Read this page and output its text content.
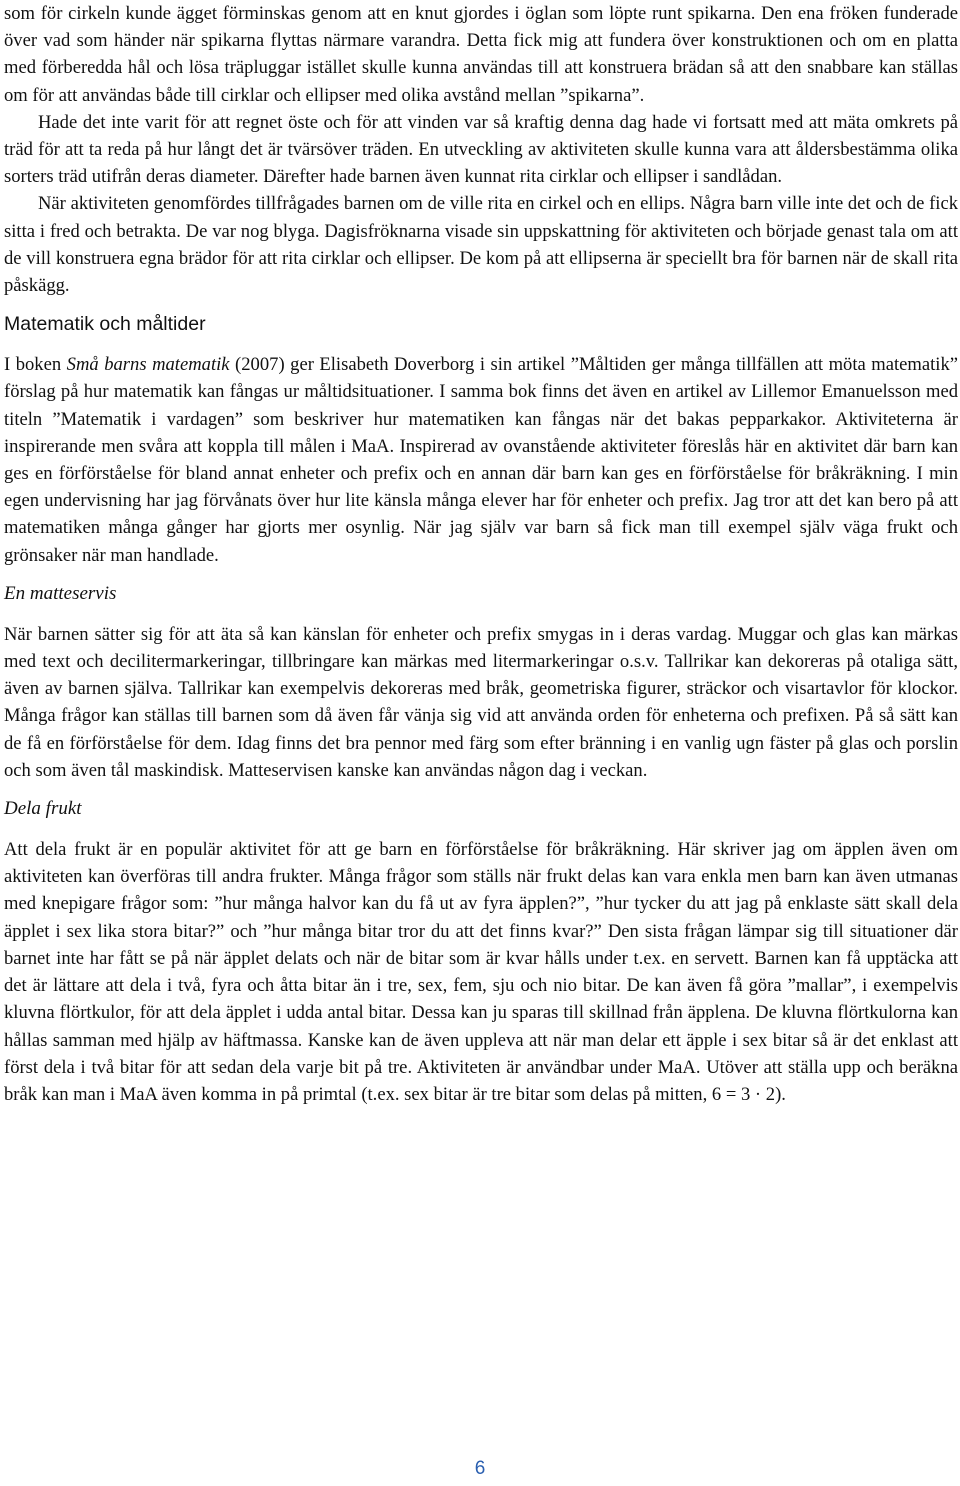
som för cirkeln kunde ägget förminskas genom att en knut gjordes i öglan som löpte runt spikarna. Den ena fröken funderade över vad som händer när spikarna flyttas närmare varandra. Detta fick mig att fundera över konstruktionen och om en platta med förberedda hål och lösa träpluggar istället skulle kunna användas till att konstruera brädan så att den snabbare kan ställas om för att användas både till cirklar och ellipser med olika avstånd mellan ”spikarna”.

Hade det inte varit för att regnet öste och för att vinden var så kraftig denna dag hade vi fortsatt med att mäta omkrets på träd för att ta reda på hur långt det är tvärsöver träden. En utveckling av aktiviteten skulle kunna vara att åldersbestämma olika sorters träd utifrån deras diameter. Därefter hade barnen även kunnat rita cirklar och ellipser i sandlådan.

När aktiviteten genomfördes tillfrågades barnen om de ville rita en cirkel och en ellips. Några barn ville inte det och de fick sitta i fred och betrakta. De var nog blyga. Dagisfröknarna visade sin uppskattning för aktiviteten och började genast tala om att de vill konstruera egna brädor för att rita cirklar och ellipser. De kom på att ellipserna är speciellt bra för barnen när de skall rita påskägg.

Matematik och måltider

I boken Små barns matematik (2007) ger Elisabeth Doverborg i sin artikel ”Måltiden ger många tillfällen att möta matematik” förslag på hur matematik kan fångas ur måltidsituationer. I samma bok finns det även en artikel av Lillemor Emanuelsson med titeln ”Matematik i vardagen” som beskriver hur matematiken kan fångas när det bakas pepparkakor. Aktiviteterna är inspirerande men svåra att koppla till målen i MaA. Inspirerad av ovanstående aktiviteter föreslås här en aktivitet där barn kan ges en förförståelse för bland annat enheter och prefix och en annan där barn kan ges en förförståelse för bråkräkning. I min egen undervisning har jag förvånats över hur lite känsla många elever har för enheter och prefix. Jag tror att det kan bero på att matematiken många gånger har gjorts mer osynlig. När jag själv var barn så fick man till exempel själv väga frukt och grönsaker när man handlade.

En matteservis

När barnen sätter sig för att äta så kan känslan för enheter och prefix smygas in i deras vardag. Muggar och glas kan märkas med text och decilitermarkeringar, tillbringare kan märkas med litermarkeringar o.s.v. Tallrikar kan dekoreras på otaliga sätt, även av barnen själva. Tallrikar kan exempelvis dekoreras med bråk, geometriska figurer, sträckor och visartavlor för klockor. Många frågor kan ställas till barnen som då även får vänja sig vid att använda orden för enheterna och prefixen. På så sätt kan de få en förförståelse för dem. Idag finns det bra pennor med färg som efter bränning i en vanlig ugn fäster på glas och porslin och som även tål maskindisk. Matteservisen kanske kan användas någon dag i veckan.

Dela frukt

Att dela frukt är en populär aktivitet för att ge barn en förförståelse för bråkräkning. Här skriver jag om äpplen även om aktiviteten kan överföras till andra frukter. Många frågor som ställs när frukt delas kan vara enkla men barn kan även utmanas med knepigare frågor som: ”hur många halvor kan du få ut av fyra äpplen?”, ”hur tycker du att jag på enklaste sätt skall dela äpplet i sex lika stora bitar?” och ”hur många bitar tror du att det finns kvar?” Den sista frågan lämpar sig till situationer där barnet inte har fått se på när äpplet delats och när de bitar som är kvar hålls under t.ex. en servett. Barnen kan få upptäcka att det är lättare att dela i två, fyra och åtta bitar än i tre, sex, fem, sju och nio bitar. De kan även få göra ”mallar”, i exempelvis kluvna flörtkulor, för att dela äpplet i udda antal bitar. Dessa kan ju sparas till skillnad från äpplena. De kluvna flörtkulorna kan hållas samman med hjälp av häftmassa. Kanske kan de även uppleva att när man delar ett äpple i sex bitar så är det enklast att först dela i två bitar för att sedan dela varje bit på tre. Aktiviteten är användbar under MaA. Utöver att ställa upp och beräkna bråk kan man i MaA även komma in på primtal (t.ex. sex bitar är tre bitar som delas på mitten, 6 = 3 · 2).

6
